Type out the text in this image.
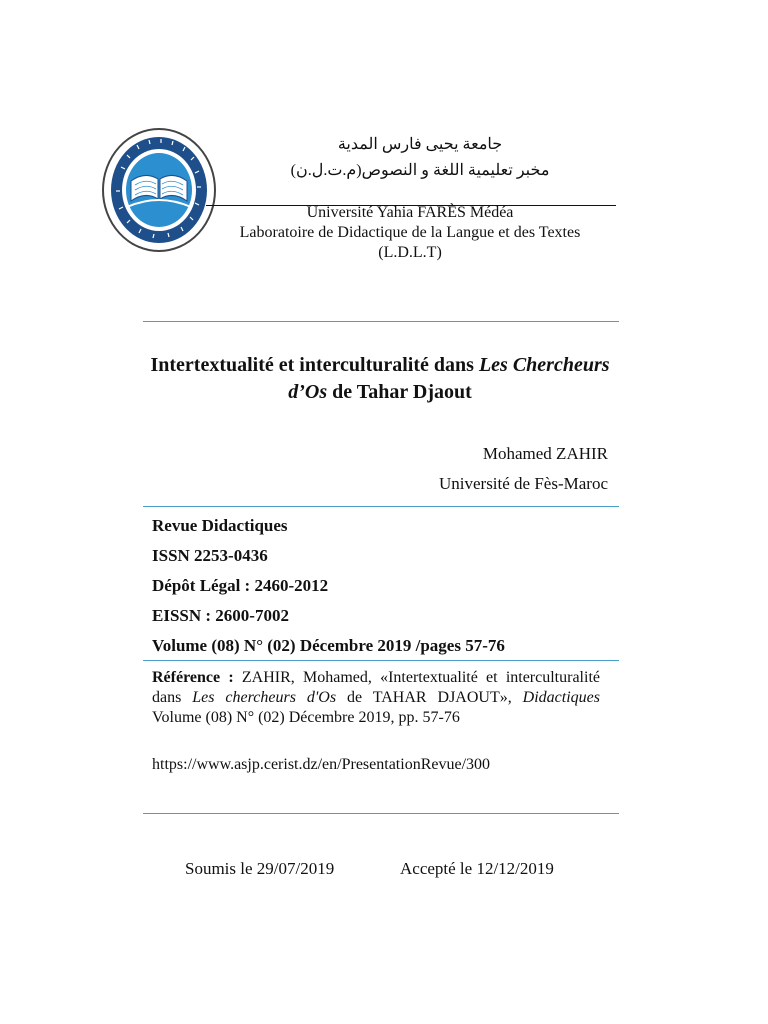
جامعة يحيى فارس المدية
مخبر تعليمية اللغة و النصوص(م.ت.ل.ن)
Université Yahia FARÈS Médéa
Laboratoire de Didactique de la Langue et des Textes
(L.D.L.T)
Intertextualité et interculturalité dans Les Chercheurs d’Os de Tahar Djaout
Mohamed ZAHIR
Université de Fès-Maroc
Revue Didactiques
ISSN 2253-0436
Dépôt Légal : 2460-2012
EISSN : 2600-7002
Volume (08) N° (02) Décembre 2019 /pages 57-76

Référence : ZAHIR, Mohamed, «Intertextualité et interculturalité dans Les chercheurs d'Os de TAHAR DJAOUT», Didactiques Volume (08) N° (02) Décembre 2019, pp. 57-76

https://www.asjp.cerist.dz/en/PresentationRevue/300
Soumis le 29/07/2019	Accepté le 12/12/2019
